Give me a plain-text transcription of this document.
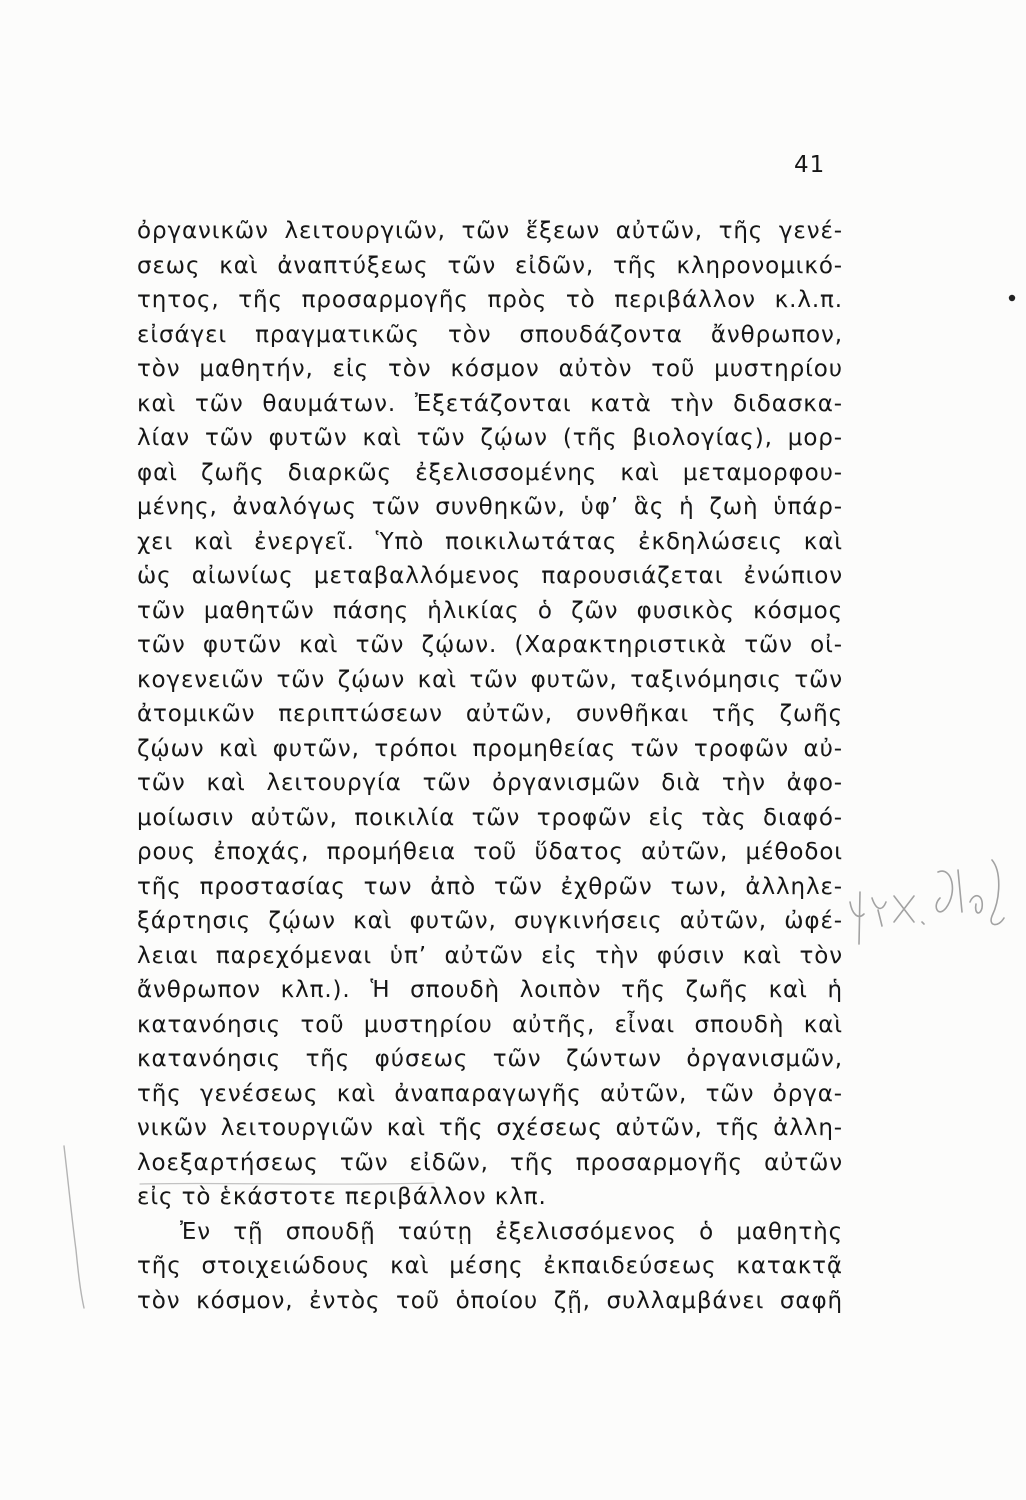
41
ὀργανικῶν λειτουργιῶν, τῶν ἕξεων αὐτῶν, τῆς γενέ-
σεως καὶ ἀναπτύξεως τῶν εἰδῶν, τῆς κληρονομικό-
τητος, τῆς προσαρμογῆς πρὸς τὸ περιβάλλον κ.λ.π.
εἰσάγει πραγματικῶς τὸν σπουδάζοντα ἄνθρωπον,
τὸν μαθητήν, εἰς τὸν κόσμον αὐτὸν τοῦ μυστηρίου
καὶ τῶν θαυμάτων. Ἐξετάζονται κατὰ τὴν διδασκα-
λίαν τῶν φυτῶν καὶ τῶν ζῴων (τῆς βιολογίας), μορ-
φαὶ ζωῆς διαρκῶς ἐξελισσομένης καὶ μεταμορφου-
μένης, ἀναλόγως τῶν συνθηκῶν, ὑφ’ ἃς ἡ ζωὴ ὑπάρ-
χει καὶ ἐνεργεῖ. Ὑπὸ ποικιλωτάτας ἐκδηλώσεις καὶ
ὡς αἰωνίως μεταβαλλόμενος παρουσιάζεται ἐνώπιον
τῶν μαθητῶν πάσης ἡλικίας ὁ ζῶν φυσικὸς κόσμος
τῶν φυτῶν καὶ τῶν ζῴων. (Χαρακτηριστικὰ τῶν οἰ-
κογενειῶν τῶν ζῴων καὶ τῶν φυτῶν, ταξινόμησις τῶν
ἀτομικῶν περιπτώσεων αὐτῶν, συνθῆκαι τῆς ζωῆς
ζῴων καὶ φυτῶν, τρόποι προμηθείας τῶν τροφῶν αὐ-
τῶν καὶ λειτουργία τῶν ὀργανισμῶν διὰ τὴν ἀφο-
μοίωσιν αὐτῶν, ποικιλία τῶν τροφῶν εἰς τὰς διαφό-
ρους ἐποχάς, προμήθεια τοῦ ὕδατος αὐτῶν, μέθοδοι
τῆς προστασίας των ἀπὸ τῶν ἐχθρῶν των, ἀλληλε-
ξάρτησις ζῴων καὶ φυτῶν, συγκινήσεις αὐτῶν, ὠφέ-
λειαι παρεχόμεναι ὑπ’ αὐτῶν εἰς τὴν φύσιν καὶ τὸν
ἄνθρωπον κλπ.). Ἡ σπουδὴ λοιπὸν τῆς ζωῆς καὶ ἡ
κατανόησις τοῦ μυστηρίου αὐτῆς, εἶναι σπουδὴ καὶ
κατανόησις τῆς φύσεως τῶν ζώντων ὀργανισμῶν,
τῆς γενέσεως καὶ ἀναπαραγωγῆς αὐτῶν, τῶν ὀργα-
νικῶν λειτουργιῶν καὶ τῆς σχέσεως αὐτῶν, τῆς ἀλλη-
λοεξαρτήσεως τῶν εἰδῶν, τῆς προσαρμογῆς αὐτῶν
εἰς τὸ ἑκάστοτε περιβάλλον κλπ.
Ἐν τῇ σπουδῇ ταύτῃ ἐξελισσόμενος ὁ μαθητὴς
τῆς στοιχειώδους καὶ μέσης ἐκπαιδεύσεως κατακτᾷ
τὸν κόσμον, ἐντὸς τοῦ ὁποίου ζῇ, συλλαμβάνει σαφῆ
